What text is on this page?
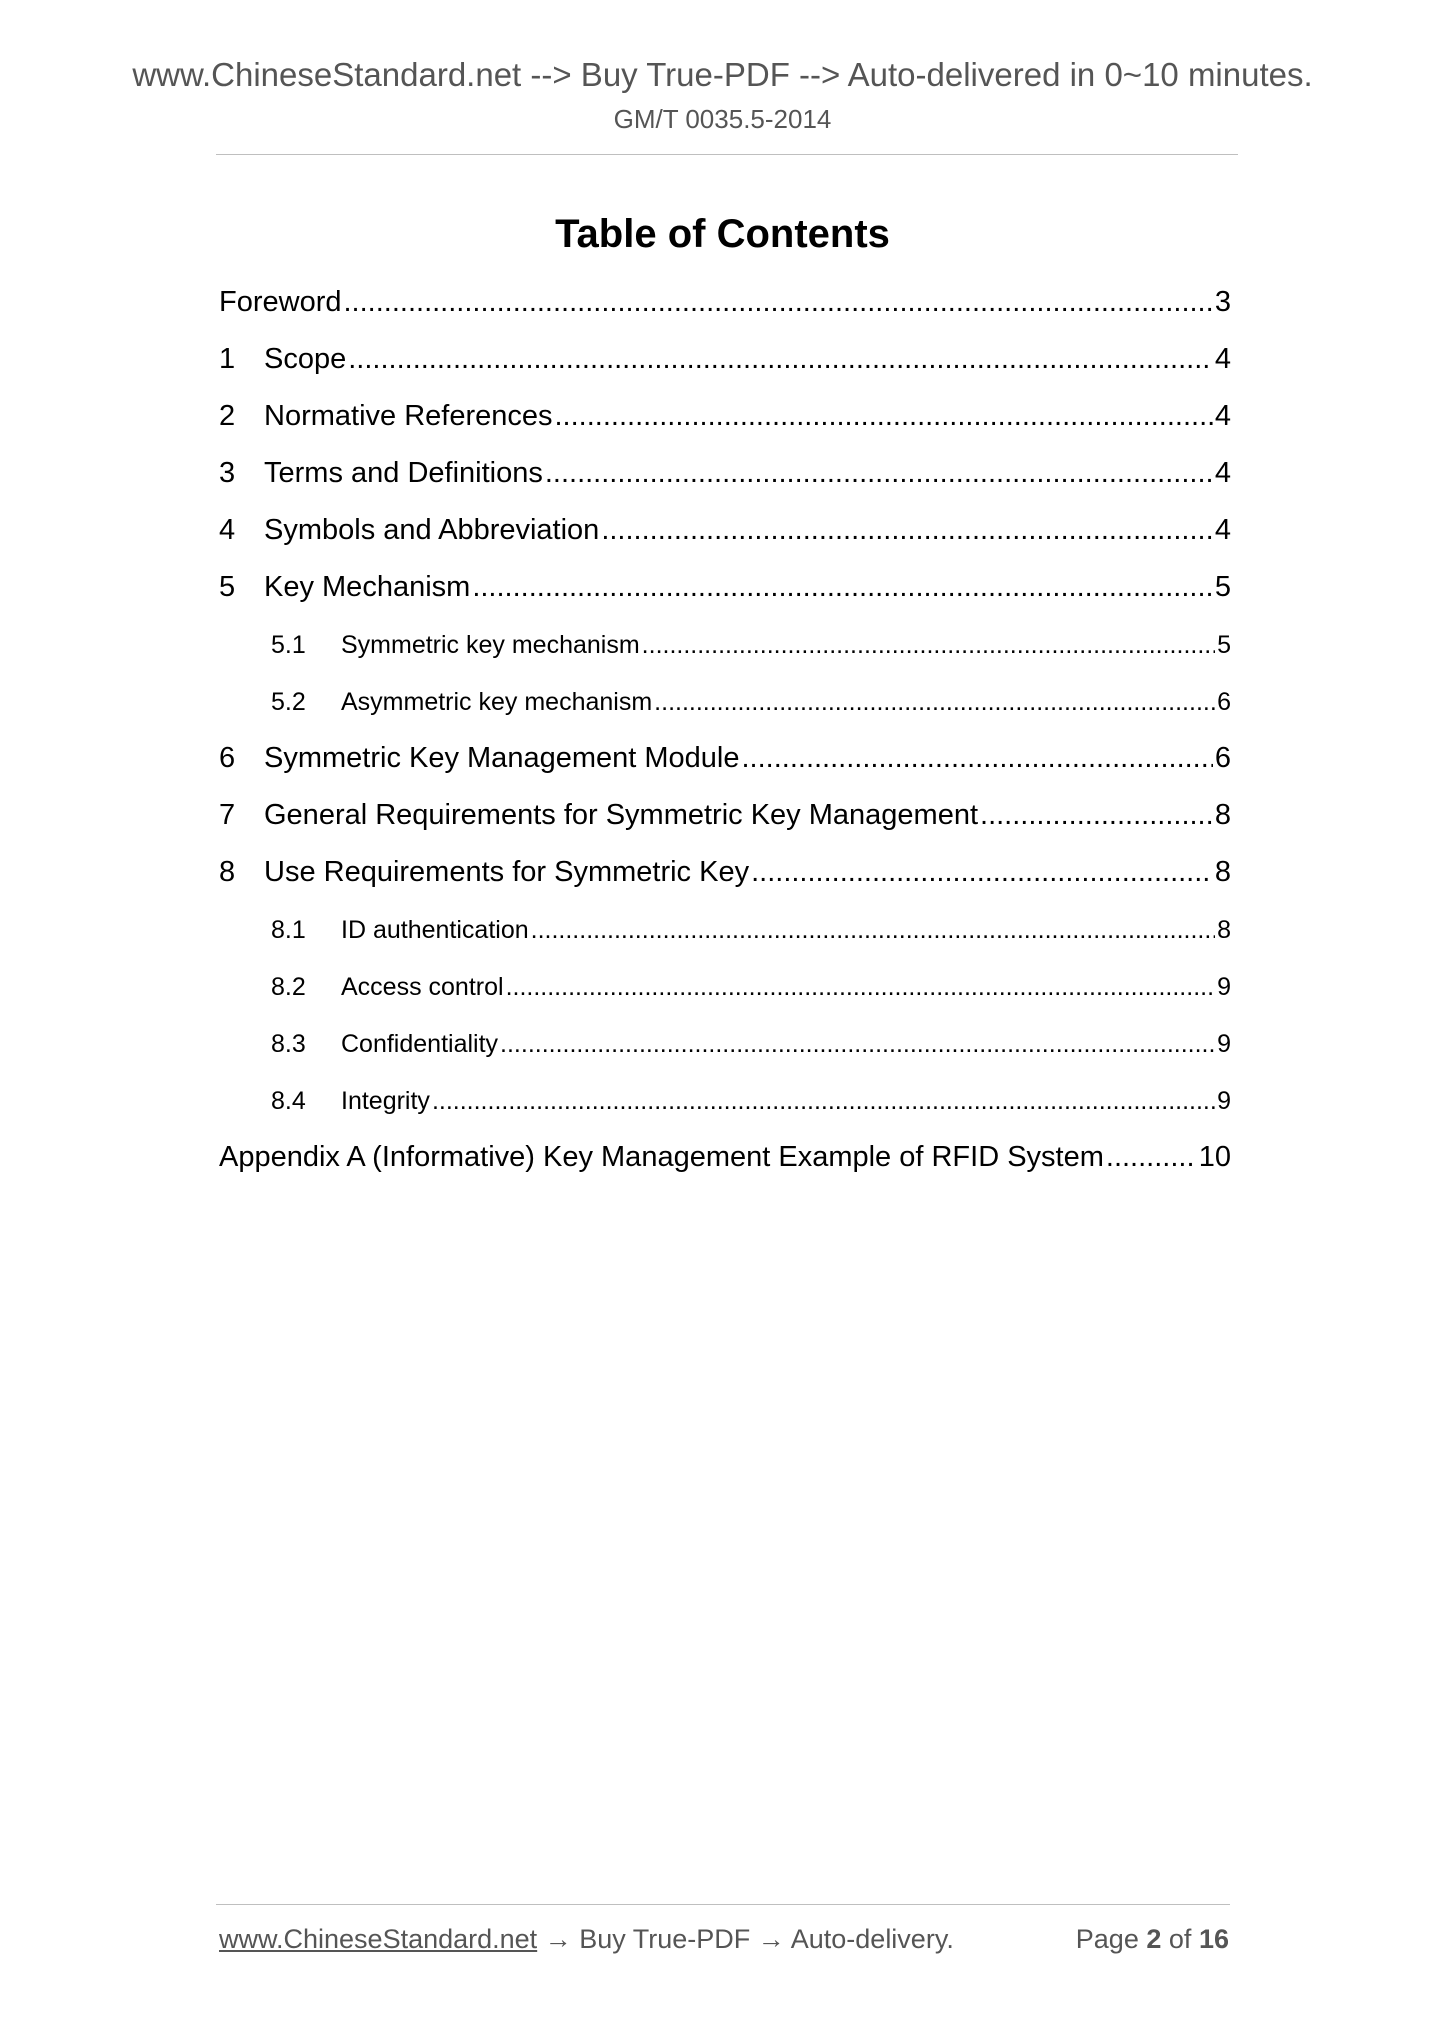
www.ChineseStandard.net --> Buy True-PDF --> Auto-delivered in 0~10 minutes.
GM/T 0035.5-2014
Table of Contents
Foreword .....	3
1 Scope .....	4
2 Normative References .....	4
3 Terms and Definitions .....	4
4 Symbols and Abbreviation .....	4
5 Key Mechanism .....	5
5.1	Symmetric key mechanism .....	5
5.2	Asymmetric key mechanism .....	6
6 Symmetric Key Management Module .....	6
7 General Requirements for Symmetric Key Management .....	8
8 Use Requirements for Symmetric Key .....	8
8.1	ID authentication .....	8
8.2	Access control .....	9
8.3	Confidentiality .....	9
8.4	Integrity .....	9
Appendix A (Informative) Key Management Example of RFID System .....	10
www.ChineseStandard.net → Buy True-PDF → Auto-delivery.	Page 2 of 16
